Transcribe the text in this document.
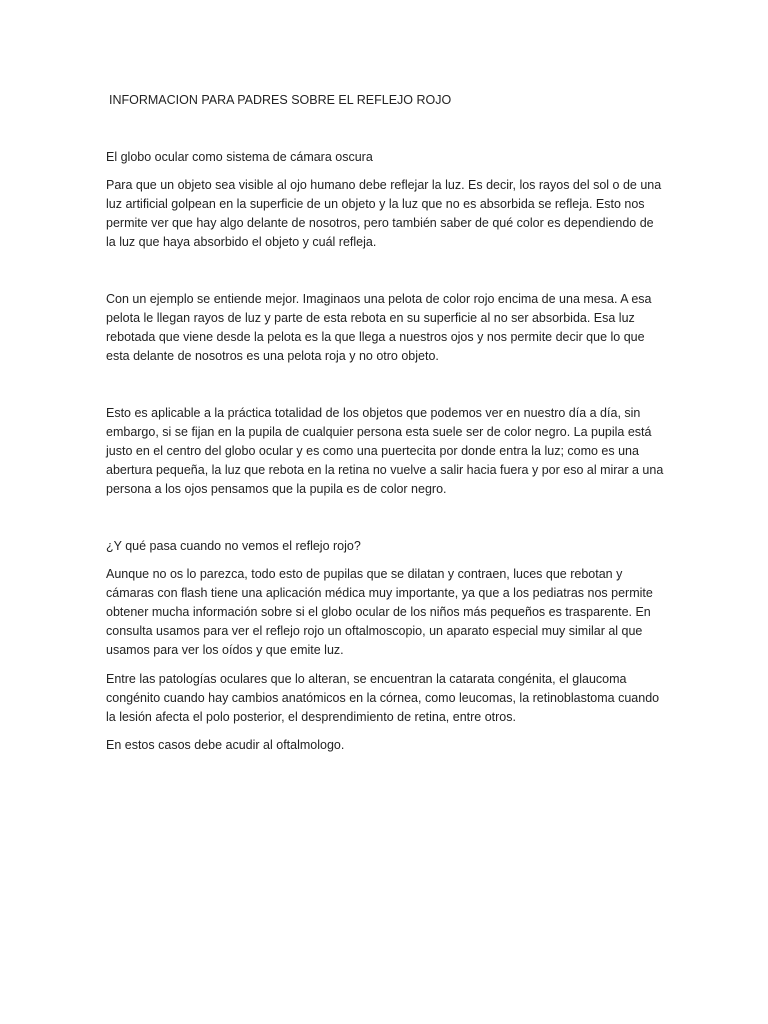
INFORMACION PARA PADRES SOBRE EL REFLEJO ROJO

El globo ocular como sistema de cámara oscura

Para que un objeto sea visible al ojo humano debe reflejar la luz. Es decir, los rayos del sol o de una luz artificial golpean en la superficie de un objeto y la luz que no es absorbida se refleja. Esto nos permite ver que hay algo delante de nosotros, pero también saber de qué color es dependiendo de la luz que haya absorbido el objeto y cuál refleja.

Con un ejemplo se entiende mejor. Imaginaos una pelota de color rojo encima de una mesa. A esa pelota le llegan rayos de luz y parte de esta rebota en su superficie al no ser absorbida. Esa luz rebotada que viene desde la pelota es la que llega a nuestros ojos y nos permite decir que lo que esta delante de nosotros es una pelota roja y no otro objeto.

Esto es aplicable a la práctica totalidad de los objetos que podemos ver en nuestro día a día, sin embargo, si se fijan en la pupila de cualquier persona esta suele ser de color negro. La pupila está justo en el centro del globo ocular y es como una puertecita por donde entra la luz; como es una abertura pequeña, la luz que rebota en la retina no vuelve a salir hacia fuera y por eso al mirar a una persona a los ojos pensamos que la pupila es de color negro.

¿Y qué pasa cuando no vemos el reflejo rojo?

Aunque no os lo parezca, todo esto de pupilas que se dilatan y contraen, luces que rebotan y cámaras con flash tiene una aplicación médica muy importante, ya que a los pediatras nos permite obtener mucha información sobre si el globo ocular de los niños más pequeños es trasparente. En consulta usamos para ver el reflejo rojo un oftalmoscopio, un aparato especial muy similar al que usamos para ver los oídos y que emite luz.

Entre las patologías oculares que lo alteran, se encuentran la catarata congénita, el glaucoma congénito cuando hay cambios anatómicos en la córnea, como leucomas, la retinoblastoma cuando la lesión afecta el polo posterior, el desprendimiento de retina, entre otros.

En estos casos debe acudir al oftalmologo.
